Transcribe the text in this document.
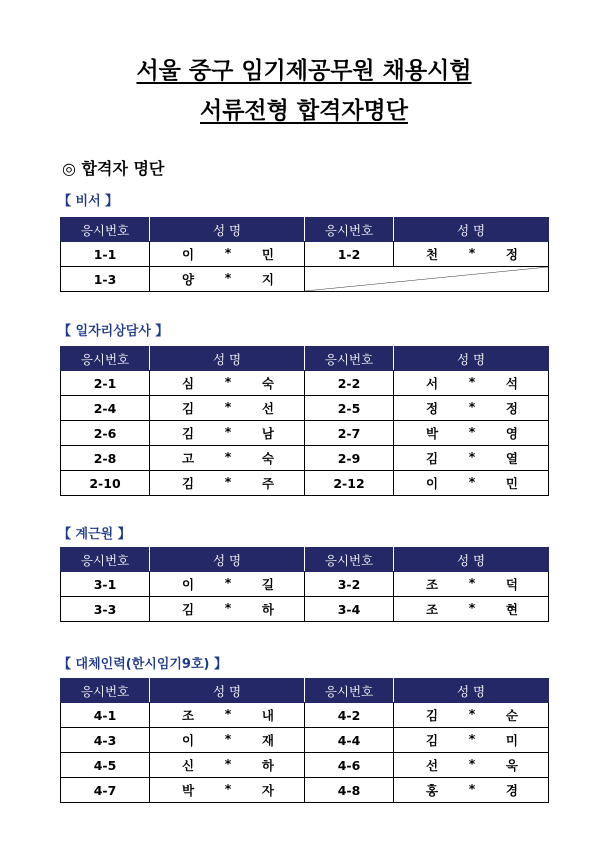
서울 중구 임기제공무원 채용시험
서류전형 합격자명단
◎ 합격자 명단
【 비서 】
응시번호	성 명	응시번호	성 명
1-1	이 * 민	1-2	천 * 정

1-3	양 * 지

【 일자리상담사 】
응시번호	성 명	응시번호	성 명
2-1	심 * 숙	2-2	서 * 석

2-4	김 * 선	2-5	정 * 정

2-6	김 * 남	2-7	박 * 영

2-8	고 * 숙	2-9	김 * 열

2-10	김 * 주	2-12	이 * 민
【 계근원 】
응시번호	성 명	응시번호	성 명
3-1	이 * 길	3-2	조 * 덕

3-3	김 * 하	3-4	조 * 현
【 대체인력(한시임기9호) 】
응시번호	성 명	응시번호	성 명
4-1	조 * 내	4-2	김 * 순

4-3	이 * 재	4-4	김 * 미

4-5	신 * 하	4-6	선 * 욱

4-7	박 * 자	4-8	홍 * 경
